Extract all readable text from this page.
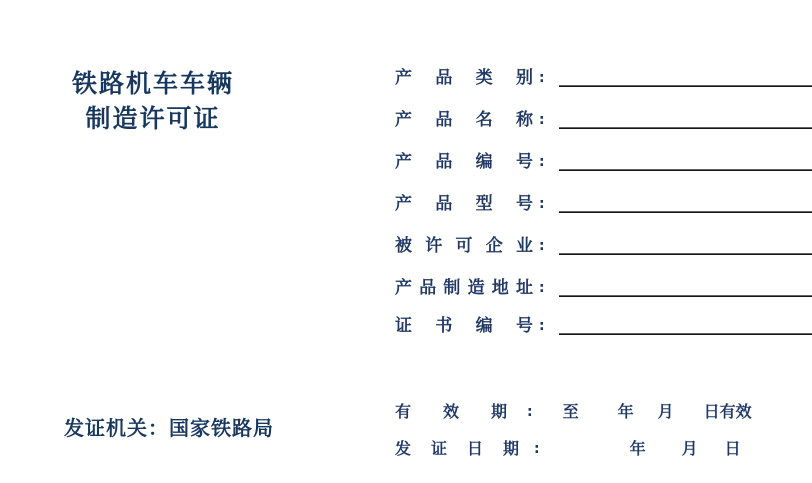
铁路机车车辆
制造许可证
产 品 类 别 :
产 品 名 称 :
产 品 编 号 :
产 品 型 号 :
被 许 可 企 业 :
产 品 制 造 地 址 :
证 书 编 号 :
有 效 期 : 至 年 月 日有效
发 证 日 期 :	年 月 日
发证机关：国家铁路局
